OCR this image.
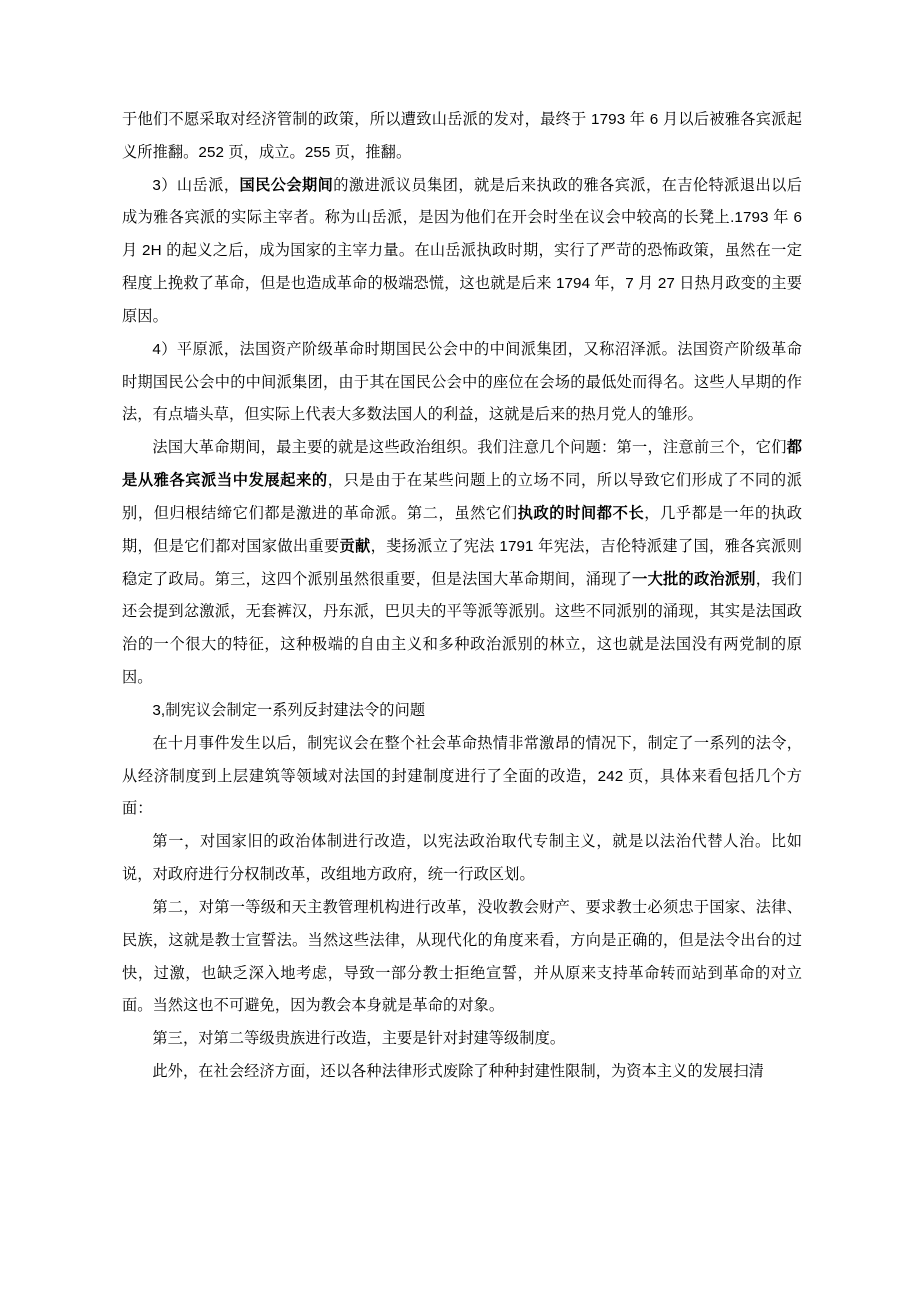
于他们不愿采取对经济管制的政策，所以遭致山岳派的发对，最终于 1793 年 6 月以后被雅各宾派起义所推翻。252 页，成立。255 页，推翻。

3）山岳派，国民公会期间的激进派议员集团，就是后来执政的雅各宾派，在吉伦特派退出以后成为雅各宾派的实际主宰者。称为山岳派，是因为他们在开会时坐在议会中较高的长凳上.1793 年 6 月 2H 的起义之后，成为国家的主宰力量。在山岳派执政时期，实行了严苛的恐怖政策，虽然在一定程度上挽救了革命，但是也造成革命的极端恐慌，这也就是后来 1794 年，7 月 27 日热月政变的主要原因。

4）平原派，法国资产阶级革命时期国民公会中的中间派集团，又称沼泽派。法国资产阶级革命时期国民公会中的中间派集团，由于其在国民公会中的座位在会场的最低处而得名。这些人早期的作法，有点墙头草，但实际上代表大多数法国人的利益，这就是后来的热月党人的雏形。

法国大革命期间，最主要的就是这些政治组织。我们注意几个问题：第一，注意前三个，它们都是从雅各宾派当中发展起来的，只是由于在某些问题上的立场不同，所以导致它们形成了不同的派别，但归根结缔它们都是激进的革命派。第二，虽然它们执政的时间都不长，几乎都是一年的执政期，但是它们都对国家做出重要贡献，斐扬派立了宪法 1791 年宪法，吉伦特派建了国，雅各宾派则稳定了政局。第三，这四个派别虽然很重要，但是法国大革命期间，涌现了一大批的政治派别，我们还会提到忿激派，无套裤汉，丹东派，巴贝夫的平等派等派别。这些不同派别的涌现，其实是法国政治的一个很大的特征，这种极端的自由主义和多种政治派别的林立，这也就是法国没有两党制的原因。

3,制宪议会制定一系列反封建法令的问题

在十月事件发生以后，制宪议会在整个社会革命热情非常激昂的情况下，制定了一系列的法令，从经济制度到上层建筑等领域对法国的封建制度进行了全面的改造，242 页，具体来看包括几个方面：

第一，对国家旧的政治体制进行改造，以宪法政治取代专制主义，就是以法治代替人治。比如说，对政府进行分权制改革，改组地方政府，统一行政区划。

第二，对第一等级和天主教管理机构进行改革，没收教会财产、要求教士必须忠于国家、法律、民族，这就是教士宣誓法。当然这些法律，从现代化的角度来看，方向是正确的，但是法令出台的过快，过激，也缺乏深入地考虑，导致一部分教士拒绝宣誓，并从原来支持革命转而站到革命的对立面。当然这也不可避免，因为教会本身就是革命的对象。

第三，对第二等级贵族进行改造，主要是针对封建等级制度。

此外，在社会经济方面，还以各种法律形式废除了种种封建性限制，为资本主义的发展扫清
